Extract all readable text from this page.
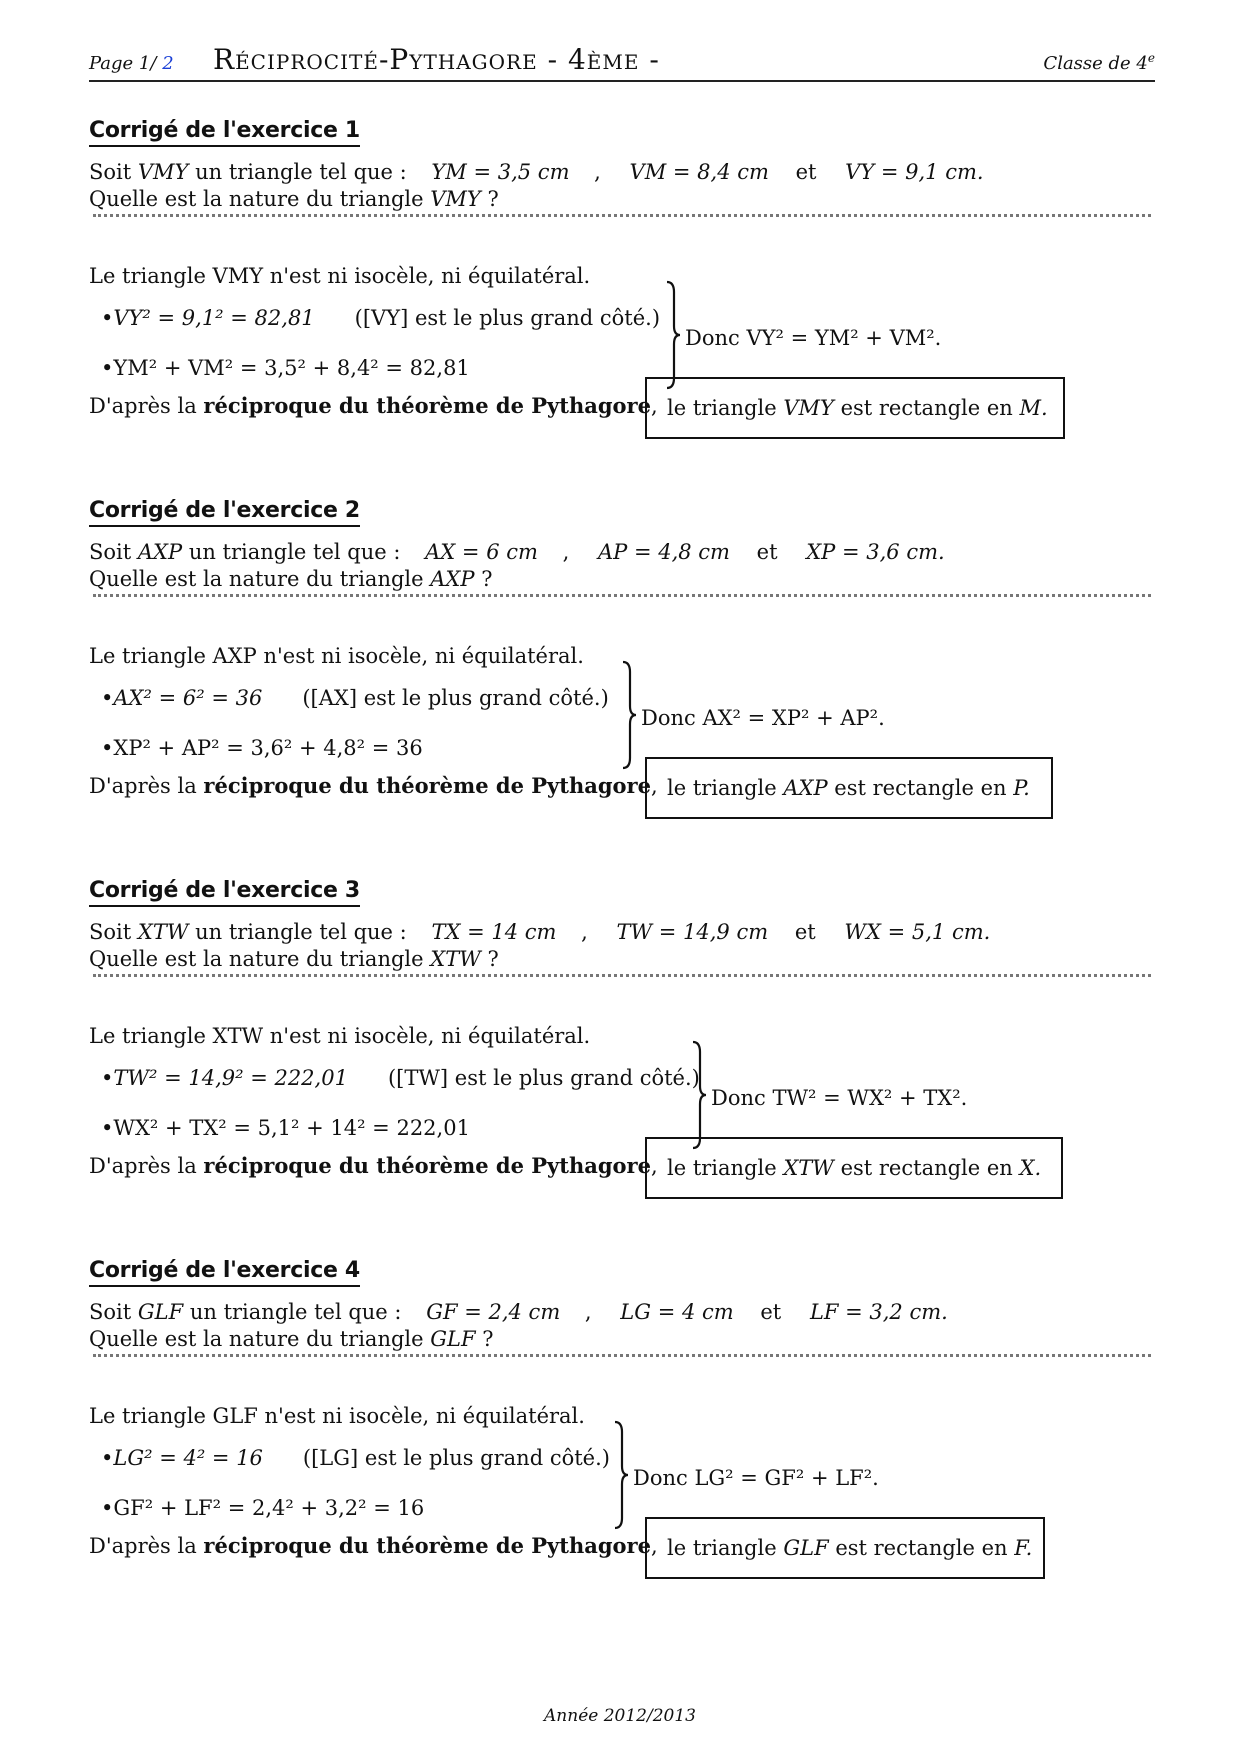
Page 1/ 2 Réciprocité-Pythagore - 4ème -	Classe de 4e
Corrigé de l'exercice 1
Soit VMY un triangle tel que : YM = 3,5 cm , VM = 8,4 cm et VY = 9,1 cm.
Quelle est la nature du triangle VMY ?
Le triangle VMY n'est ni isocèle, ni équilatéral.
•VY² = 9,1² = 82,81 ([VY] est le plus grand côté.)
•YM² + VM² = 3,5² + 8,4² = 82,81
Donc VY² = YM² + VM².
D'après la réciproque du théorème de Pythagore, le triangle
VMY
est rectangle en
M.
Corrigé de l'exercice 2
Soit AXP un triangle tel que : AX = 6 cm , AP = 4,8 cm et XP = 3,6 cm.
Quelle est la nature du triangle AXP ?
Le triangle AXP n'est ni isocèle, ni équilatéral.
•AX² = 6² = 36 ([AX] est le plus grand côté.)
•XP² + AP² = 3,6² + 4,8² = 36
Donc AX² = XP² + AP².
D'après la réciproque du théorème de Pythagore, le triangle
AXP
est rectangle en
P.
Corrigé de l'exercice 3
Soit XTW un triangle tel que : TX = 14 cm , TW = 14,9 cm et WX = 5,1 cm.
Quelle est la nature du triangle XTW ?
Le triangle XTW n'est ni isocèle, ni équilatéral.
•TW² = 14,9² = 222,01 ([TW] est le plus grand côté.)
•WX² + TX² = 5,1² + 14² = 222,01
Donc TW² = WX² + TX².
D'après la réciproque du théorème de Pythagore, le triangle
XTW
est rectangle en
X.
Corrigé de l'exercice 4
Soit GLF un triangle tel que : GF = 2,4 cm , LG = 4 cm et LF = 3,2 cm.
Quelle est la nature du triangle GLF ?
Le triangle GLF n'est ni isocèle, ni équilatéral.
•LG² = 4² = 16 ([LG] est le plus grand côté.)
•GF² + LF² = 2,4² + 3,2² = 16
Donc LG² = GF² + LF².
D'après la réciproque du théorème de Pythagore, le triangle
GLF
est rectangle en
F.
Année 2012/2013
